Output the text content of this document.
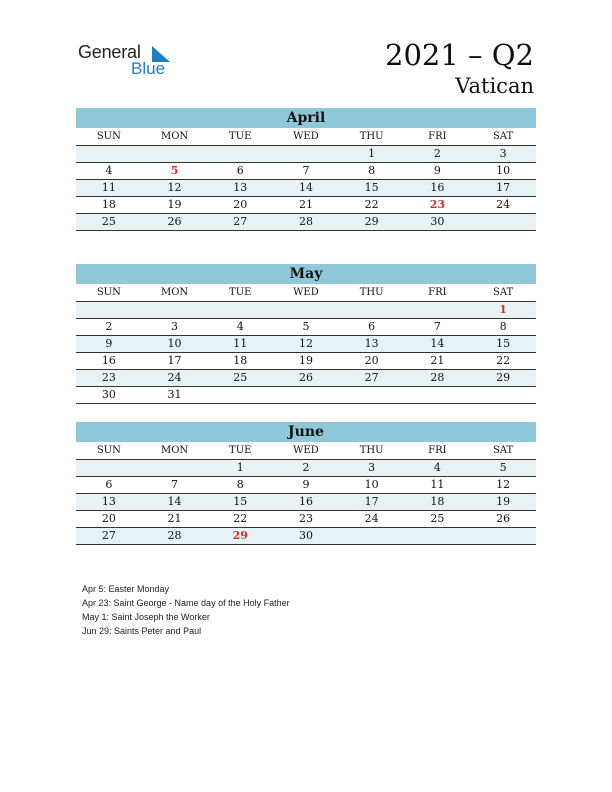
General
Blue	2021 – Q2
Vatican
April
SUN	MON	TUE	WED	THU	FRI	SAT
				1	2	3
4	5	6	7	8	9	10
11	12	13	14	15	16	17
18	19	20	21	22	23	24
25	26	27	28	29	30	
May
SUN	MON	TUE	WED	THU	FRI	SAT
						1
2	3	4	5	6	7	8
9	10	11	12	13	14	15
16	17	18	19	20	21	22
23	24	25	26	27	28	29
30	31					
June
SUN	MON	TUE	WED	THU	FRI	SAT
		1	2	3	4	5
6	7	8	9	10	11	12
13	14	15	16	17	18	19
20	21	22	23	24	25	26
27	28	29	30			
Apr 5: Easter Monday
Apr 23: Saint George - Name day of the Holy Father
May 1: Saint Joseph the Worker
Jun 29: Saints Peter and Paul
